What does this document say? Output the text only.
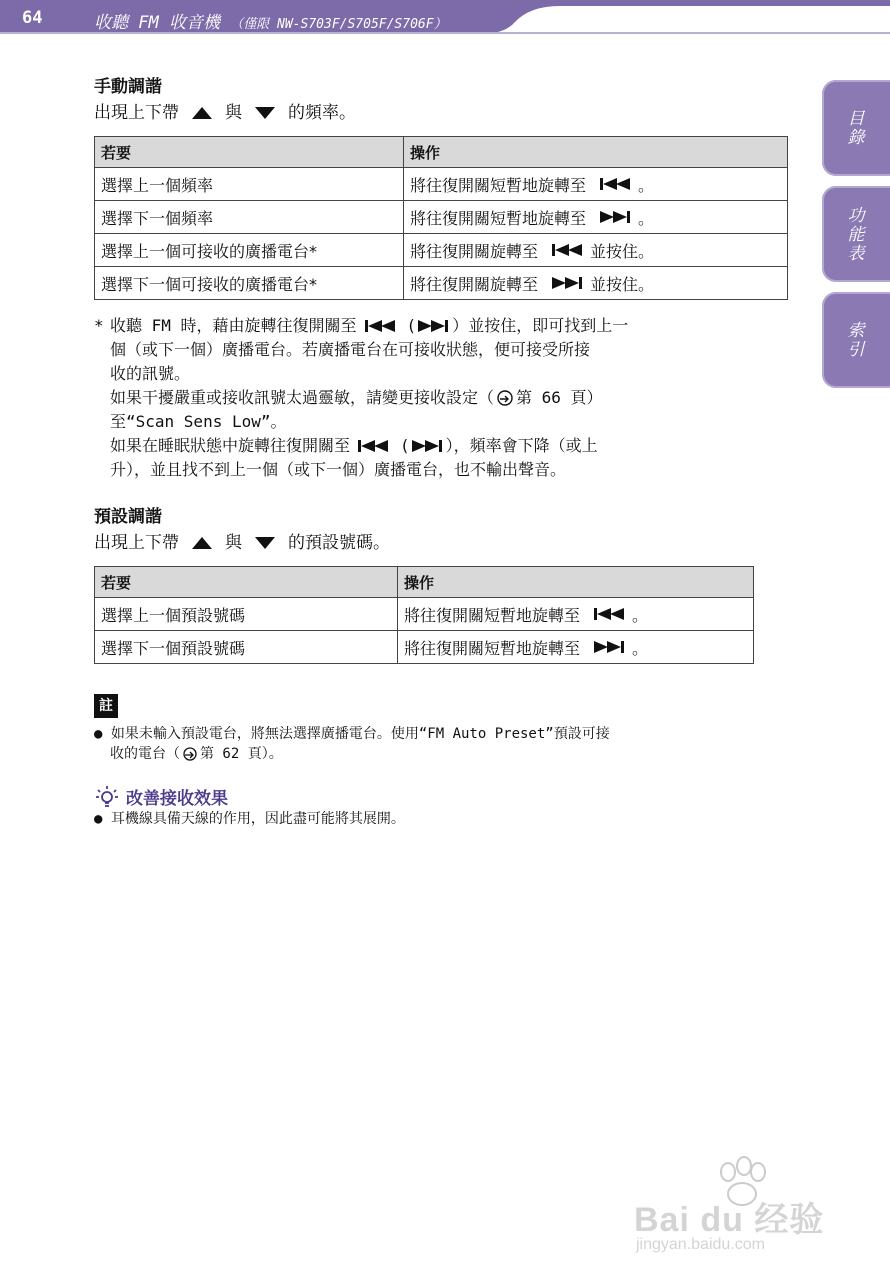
64	收聽 FM 收音機 （僅限 NW-S703F/S705F/S706F）
目錄
功能表
索引
手動調諧

出現上下帶	與	的頻率。

若要	操作
選擇上一個頻率	將往復開關短暫地旋轉至 。

選擇下一個頻率	將往復開關短暫地旋轉至 。

選擇上一個可接收的廣播電台*	將往復開關旋轉至 並按住。

選擇下一個可接收的廣播電台*	將往復開關旋轉至 並按住。

* 收聽 FM 時，藉由旋轉往復開關至	( ）並按住，即可找到上一

個（或下一個）廣播電台。若廣播電台在可接收狀態，便可接受所接

收的訊號。

如果干擾嚴重或接收訊號太過靈敏，請變更接收設定（ 第 66 頁）

至“Scan Sens Low”。

如果在睡眠狀態中旋轉往復開關至	( ），頻率會下降（或上

升），並且找不到上一個（或下一個）廣播電台，也不輸出聲音。

預設調諧

出現上下帶	與	的預設號碼。

若要	操作
選擇上一個預設號碼	將往復開關短暫地旋轉至 。

選擇下一個預設號碼	將往復開關短暫地旋轉至 。
註

● 如果未輸入預設電台，將無法選擇廣播電台。使用“FM Auto Preset”預設可接

收的電台（ 第 62 頁）。

改善接收效果

● 耳機線具備天線的作用，因此盡可能將其展開。

Bai du 经验
jingyan.baidu.com
